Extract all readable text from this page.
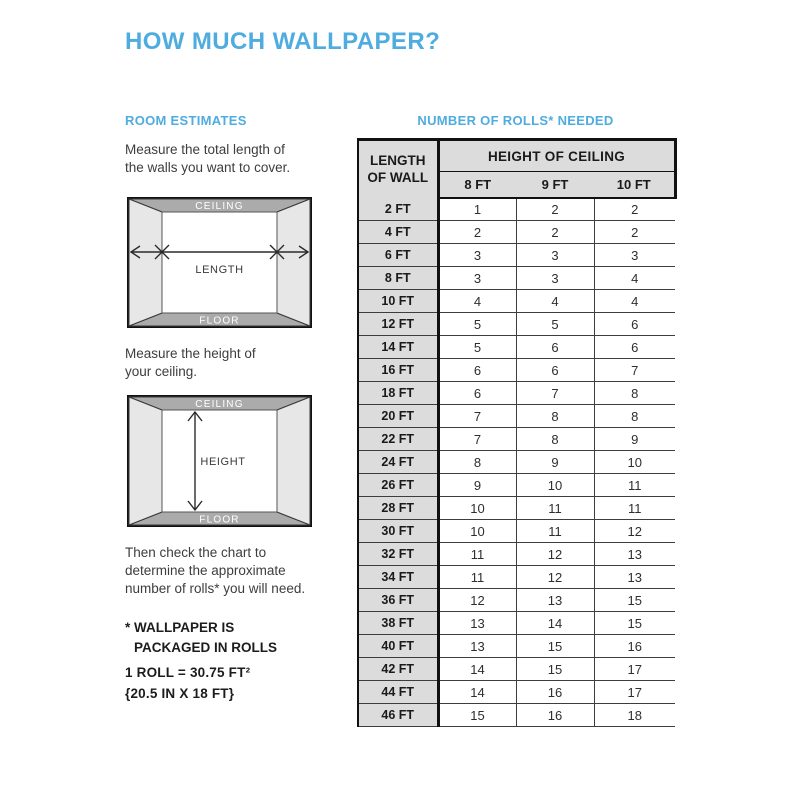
HOW MUCH WALLPAPER?
ROOM ESTIMATES
Measure the total length of
the walls you want to cover.
CEILING
FLOOR
LENGTH
Measure the height of
your ceiling.
CEILING
FLOOR
HEIGHT
Then check the chart to
determine the approximate
number of rolls* you will need.
* WALLPAPER IS
PACKAGED IN ROLLS
1 ROLL = 30.75 FT²
{20.5 IN X 18 FT}
NUMBER OF ROLLS* NEEDED
LENGTH
OF WALL	HEIGHT OF CEILING		
	8 FT	9 FT	10 FT
2 FT	1	2	2
4 FT	2	2	2
6 FT	3	3	3
8 FT	3	3	4
10 FT	4	4	4
12 FT	5	5	6
14 FT	5	6	6
16 FT	6	6	7
18 FT	6	7	8
20 FT	7	8	8
22 FT	7	8	9
24 FT	8	9	10
26 FT	9	10	11
28 FT	10	11	11
30 FT	10	11	12
32 FT	11	12	13
34 FT	11	12	13
36 FT	12	13	15
38 FT	13	14	15
40 FT	13	15	16
42 FT	14	15	17
44 FT	14	16	17
46 FT	15	16	18
